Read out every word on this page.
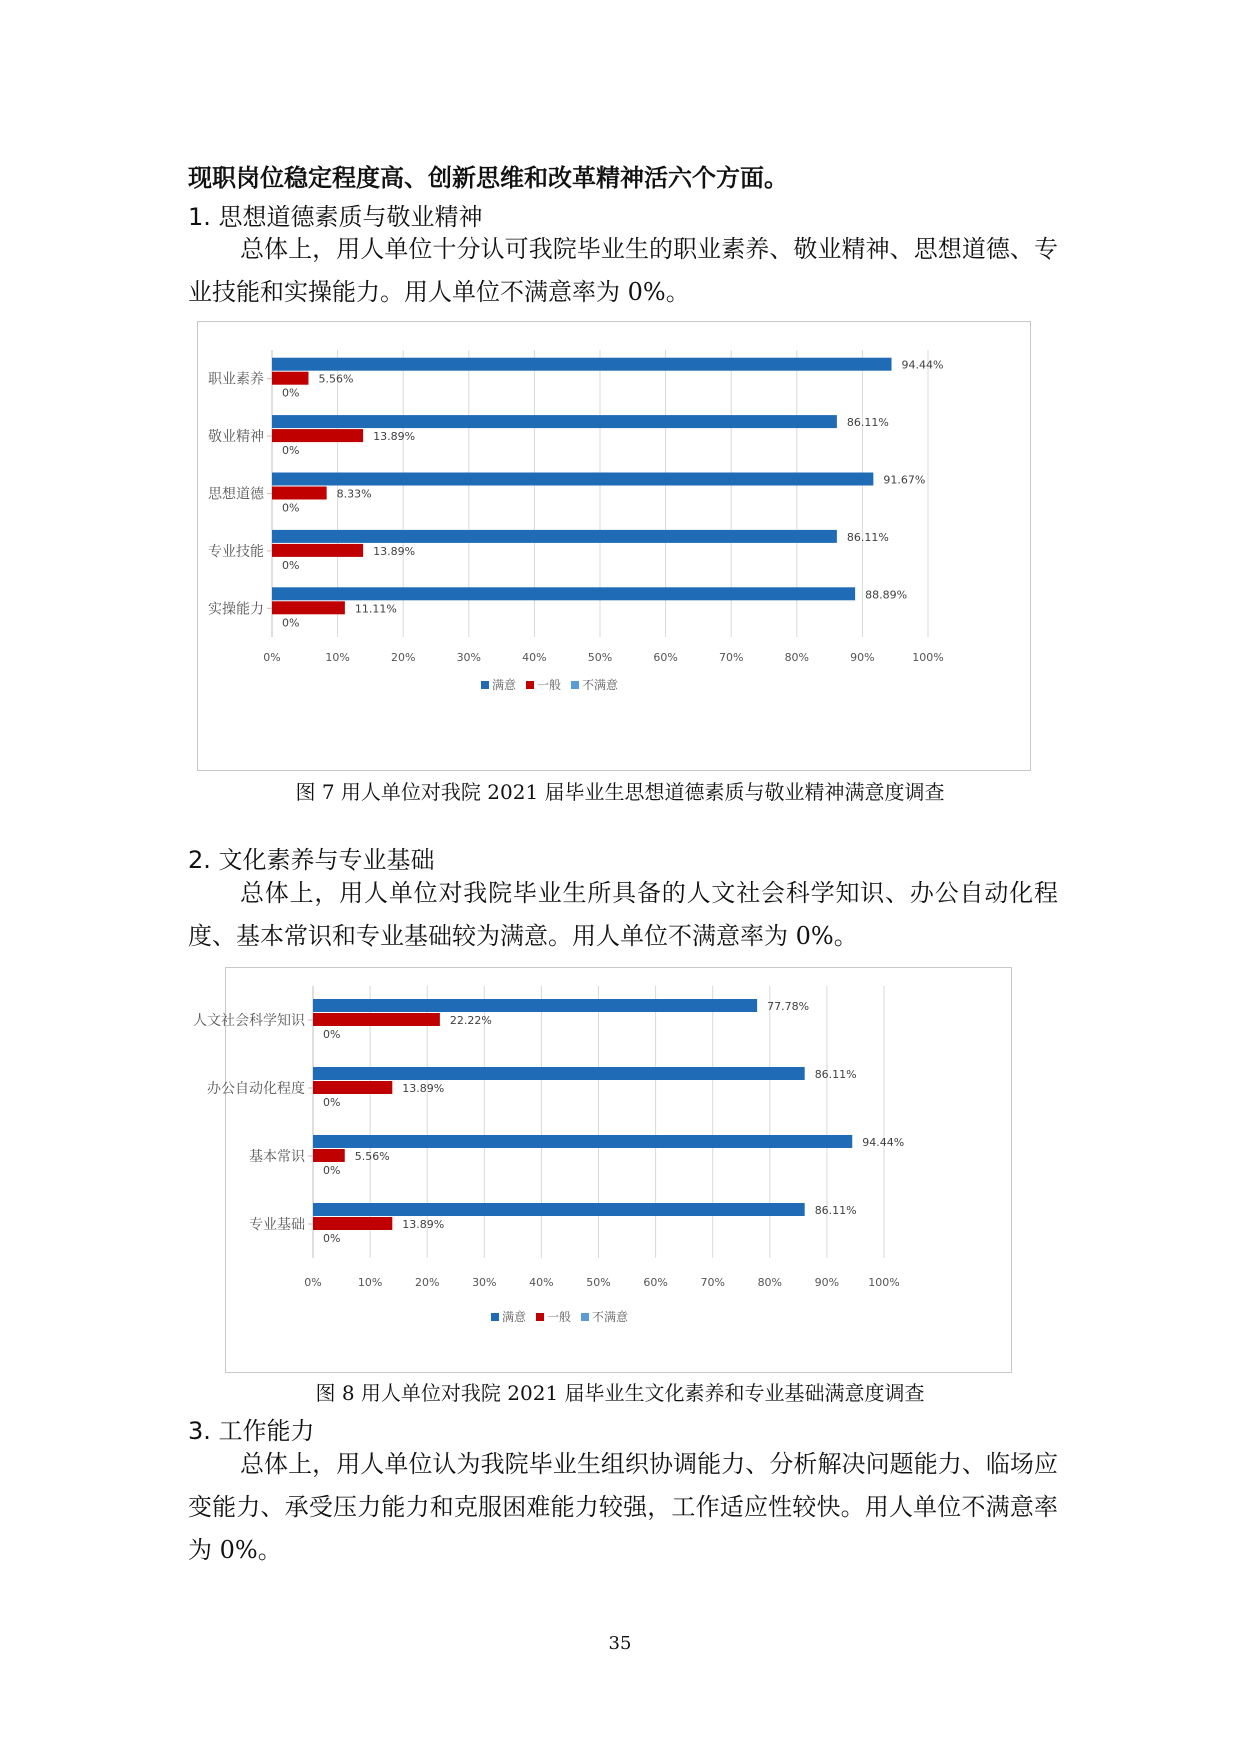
现职岗位稳定程度高、创新思维和改革精神活六个方面。
1. 思想道德素质与敬业精神
总体上，用人单位十分认可我院毕业生的职业素养、敬业精神、思想道德、专业技能和实操能力。用人单位不满意率为 0%。
0%	10%	20%	30%	40%	50%	60%	70%	80%	90%	100%
职业素养
94.44%
5.56%
0%
敬业精神
86.11%
13.89%
0%
思想道德
91.67%
8.33%
0%
专业技能
86.11%
13.89%
0%
实操能力
88.89%
11.11%
0%
满意 一般 不满意
图 7 用人单位对我院 2021 届毕业生思想道德素质与敬业精神满意度调查
2. 文化素养与专业基础
总体上，用人单位对我院毕业生所具备的人文社会科学知识、办公自动化程度、基本常识和专业基础较为满意。用人单位不满意率为 0%。
0%	10%	20%	30%	40%	50%	60%	70%	80%	90%	100%
人文社会科学知识
77.78%
22.22%
0%
办公自动化程度
86.11%
13.89%
0%
基本常识
94.44%
5.56%
0%
专业基础
86.11%
13.89%
0%
满意 一般 不满意
图 8 用人单位对我院 2021 届毕业生文化素养和专业基础满意度调查
3. 工作能力
总体上，用人单位认为我院毕业生组织协调能力、分析解决问题能力、临场应变能力、承受压力能力和克服困难能力较强，工作适应性较快。用人单位不满意率为 0%。
35
